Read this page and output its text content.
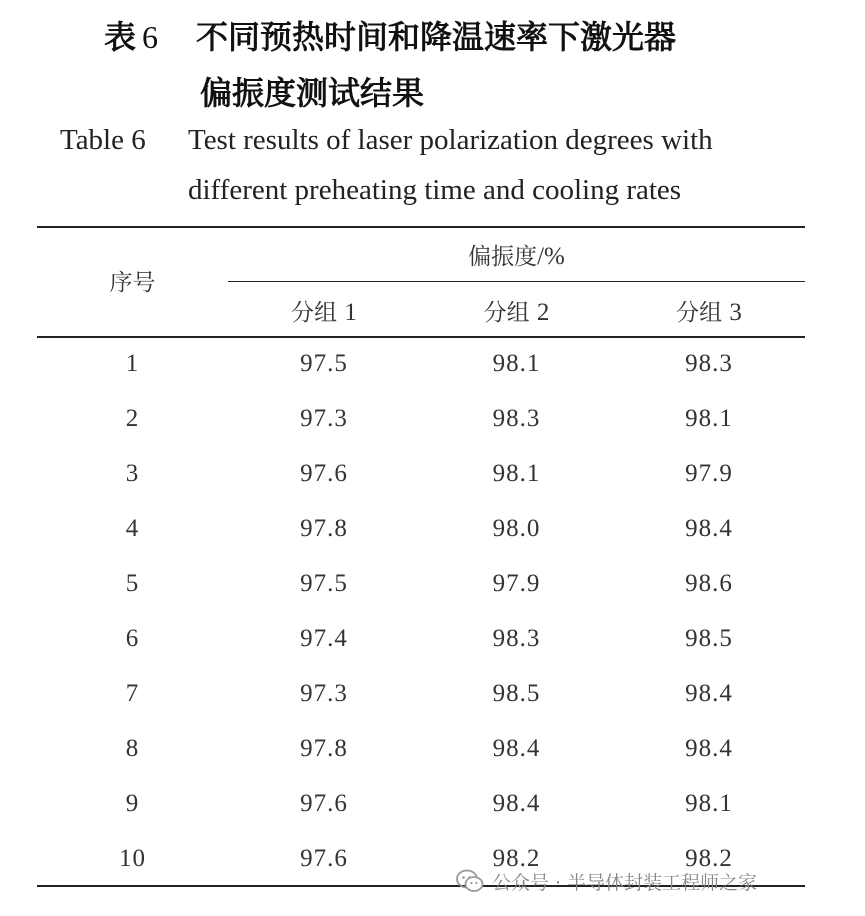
表 6 不同预热时间和降温速率下激光器
偏振度测试结果
Table 6 Test results of laser polarization degrees with
different preheating time and cooling rates
序号
偏振度/%
分组 1	分组 2	分组 3
1	97.5	98.1	98.3
2	97.3	98.3	98.1
3	97.6	98.1	97.9
4	97.8	98.0	98.4
5	97.5	97.9	98.6
6	97.4	98.3	98.5
7	97.3	98.5	98.4
8	97.8	98.4	98.4
9	97.6	98.4	98.1
10	97.6	98.2	98.2
公众号 · 半导体封装工程师之家
